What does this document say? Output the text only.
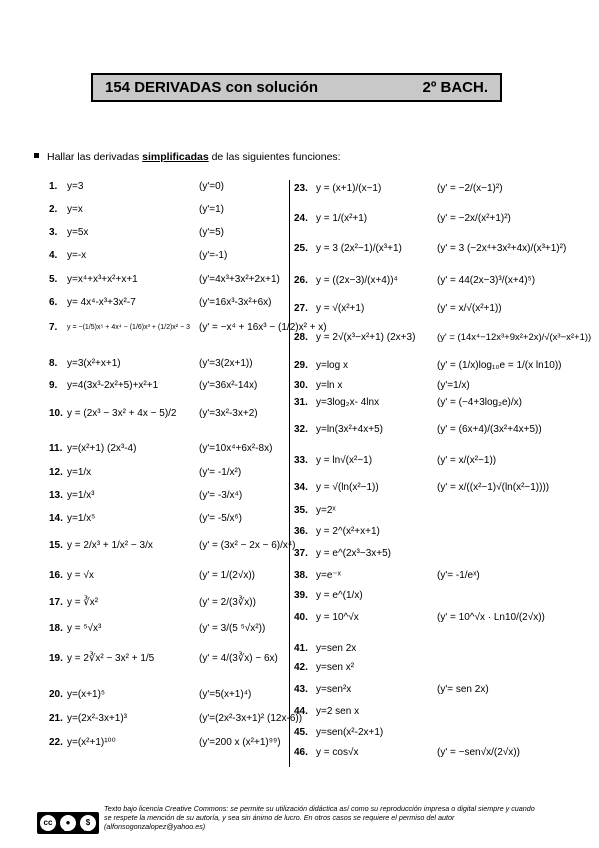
154 DERIVADAS con solución	2º BACH.
Hallar las derivadas simplificadas de las siguientes funciones:
1. y=3	(y'=0)
2. y=x	(y'=1)
3. y=5x	(y'=5)
4. y=-x	(y'=-1)
5. y=x⁴+x³+x²+x+1	(y'=4x³+3x²+2x+1)
6. y= 4x⁴-x³+3x²-7	(y'=16x³-3x²+6x)
7.	y = −(1/5)x⁵ + 4x⁴ − (1/6)x³ + (1/2)x² − 3 (y' = −x⁴ + 16x³ − (1/2)x² + x)
8. y=3(x²+x+1)	(y'=3(2x+1))
9. y=4(3x³-2x²+5)+x²+1	(y'=36x²-14x)
10. y = (2x³ − 3x² + 4x − 5)/2 (y'=3x²-3x+2)
11. y=(x²+1) (2x³-4)	(y'=10x⁴+6x²-8x)
12. y=1/x	(y'= -1/x²)
13. y=1/x³	(y'= -3/x⁴)
14. y=1/x⁵	(y'= -5/x⁶)
15. y = 2/x³ + 1/x² − 3/x	(y' = (3x² − 2x − 6)/x⁴)
16. y = √x	(y' = 1/(2√x))
17. y = ∛x²	(y' = 2/(3∛x))
18. y = ⁵√x³	(y' = 3/(5 ⁵√x²))
19. y = 2∛x² − 3x² + 1/5	(y' = 4/(3∛x) − 6x)
20. y=(x+1)⁵	(y'=5(x+1)⁴)
21. y=(2x²-3x+1)³	(y'=(2x²-3x+1)² (12x-6))
22. y=(x²+1)¹⁰⁰	(y'=200 x (x²+1)⁹⁹)
23. y = (x+1)/(x−1)	(y' = −2/(x−1)²)
24. y = 1/(x²+1)	(y' = −2x/(x²+1)²)
25. y = 3 (2x²−1)/(x³+1)	(y' = 3 (−2x⁴+3x²+4x)/(x³+1)²)
26. y = ((2x−3)/(x+4))⁴	(y' = 44(2x−3)³/(x+4)⁵)
27. y = √(x²+1)	(y' = x/√(x²+1))
28. y = 2√(x³−x²+1) (2x+3) (y' = (14x⁴−12x³+9x²+2x)/√(x³−x²+1))
29. y=log x	(y' = (1/x)log₁₀e = 1/(x ln10))
30. y=ln x	(y'=1/x)
31. y=3log₂x- 4lnx	(y' = (−4+3log₂e)/x)
32. y=ln(3x²+4x+5)	(y' = (6x+4)/(3x²+4x+5))
33. y = ln√(x²−1)	(y' = x/(x²−1))
34. y = √(ln(x²−1))	(y' = x/((x²−1)√(ln(x²−1))))
35. y=2ˣ
36. y = 2^(x²+x+1)
37. y = e^(2x³−3x+5)
38. y=e⁻ˣ	(y'= -1/eˣ)
39. y = e^(1/x)
40. y = 10^√x	(y' = 10^√x · Ln10/(2√x))
41. y=sen 2x
42. y=sen x²
43. y=sen²x	(y'= sen 2x)
44. y=2 sen x
45. y=sen(x²-2x+1)
46. y = cos√x	(y' = −sen√x/(2√x))
cc	●	$
BY	NC
Texto bajo licencia Creative Commons: se permite su utilización didáctica así como su reproducción impresa o digital siempre y cuando se respete la mención de su autoría, y sea sin ánimo de lucro. En otros casos se requiere el permiso del autor (alfonsogonzalopez@yahoo.es)
